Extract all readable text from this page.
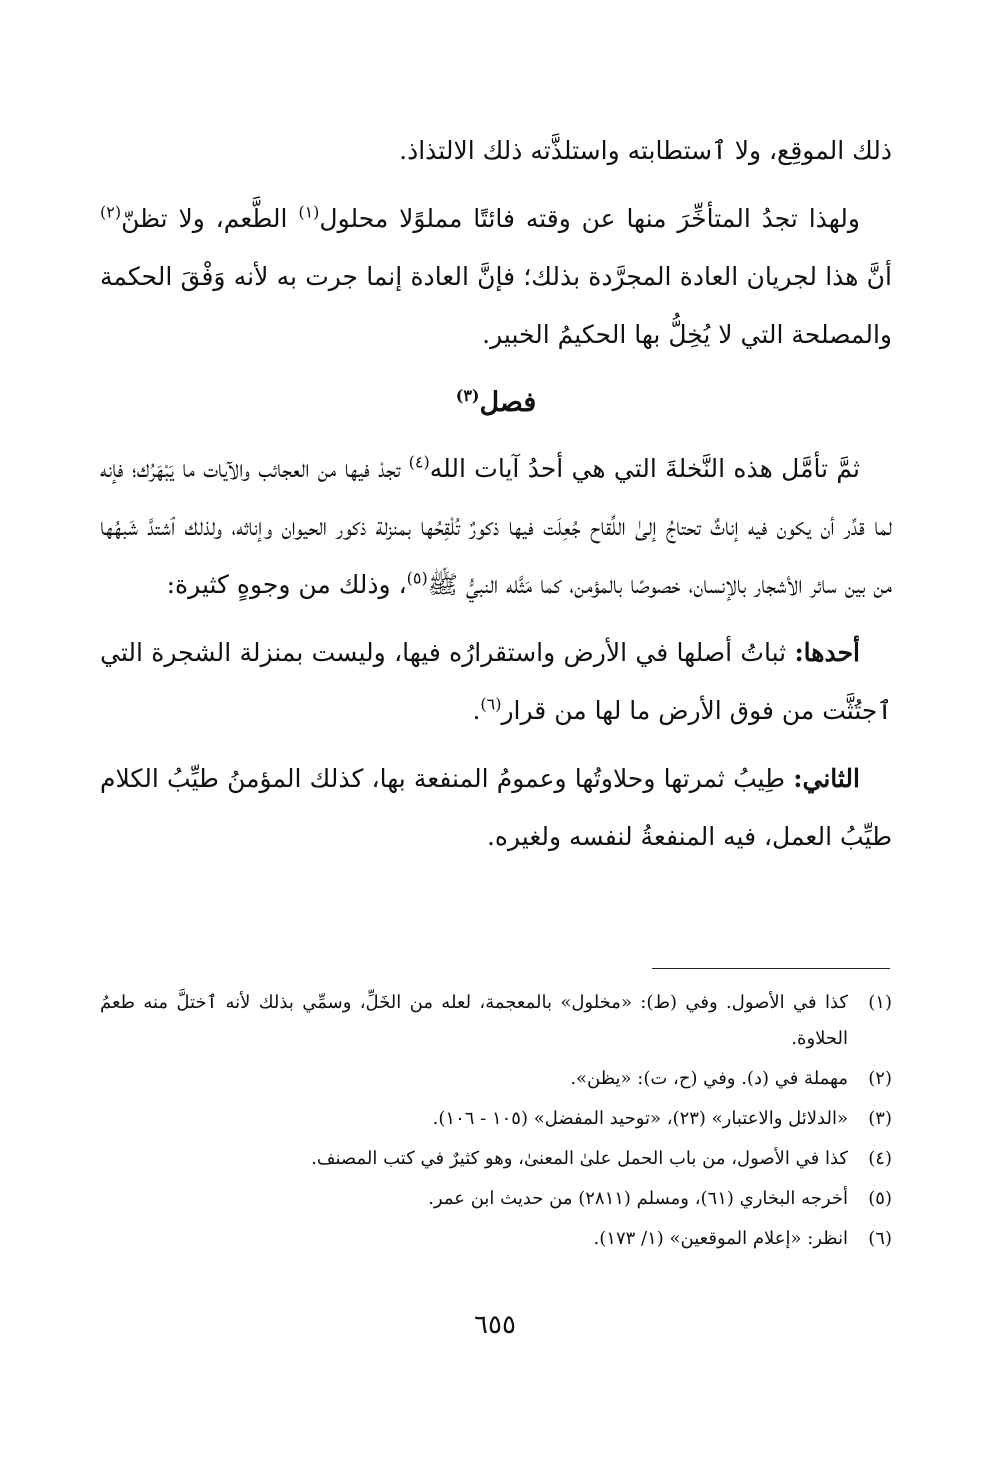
ذلك الموقِع، ولا ٱستطابته واستلذَّته ذلك الالتذاذ.

ولهذا تجدُ المتأخِّرَ منها عن وقته فائتًا مملوًلا محلول$^{(١)}$ الطَّعم، ولا تظنّ$^{(٢)}$ أنَّ هذا لجريان العادة المجرَّدة بذلك؛ فإنَّ العادة إنما جرت به لأنه وَفْقَ الحكمة والمصلحة التي لا يُخِلُّ بها الحكيمُ الخبير.

فصل$^{(٣)}$

ثمَّ تأمَّل هذه النَّخلةَ التي هي أحدُ آيات الله$^{(٤)}$ تجدْ فيها من العجائب والآيات ما يَبْهَرُك؛ فإنه لما قدِّر أن يكون فيه إناثٌ تحتاجُ إلىٰ اللِّقاح جُعِلَت فيها ذكورٌ تُلْقِحُها بمنزلة ذكور الحيوان وإناثه، ولذلك ٱشتدَّ شَبهُها من بين سائر الأشجار بالإنسان، خصوصًا بالمؤمن، كما مَثَّله النبيُّ ﷺ$^{(٥)}$، وذلك من وجوهٍ كثيرة:

أحدها: ثباتُ أصلها في الأرض واستقرارُه فيها، وليست بمنزلة الشجرة التي ٱجتُثَّت من فوق الأرض ما لها من قرار$^{(٦)}$.

الثاني: طِيبُ ثمرتها وحلاوتُها وعمومُ المنفعة بها، كذلك المؤمنُ طيِّبُ الكلام طيِّبُ العمل، فيه المنفعةُ لنفسه ولغيره.

(١)
كذا في الأصول. وفي (ط): «مخلول» بالمعجمة، لعله من الخَلِّ، وسمِّي بذلك لأنه ٱختلَّ منه طعمُ الحلاوة.
(٢)
مهملة في (د). وفي (ح، ت): «يظن».
(٣)
«الدلائل والاعتبار» (٢٣)، «توحيد المفضل» (١٠٥ - ١٠٦).
(٤)
كذا في الأصول، من باب الحمل علىٰ المعنىٰ، وهو كثيرٌ في كتب المصنف.
(٥)
أخرجه البخاري (٦١)، ومسلم (٢٨١١) من حديث ابن عمر.
(٦)
انظر: «إعلام الموقعين» (١/ ١٧٣).
٦٥٥
